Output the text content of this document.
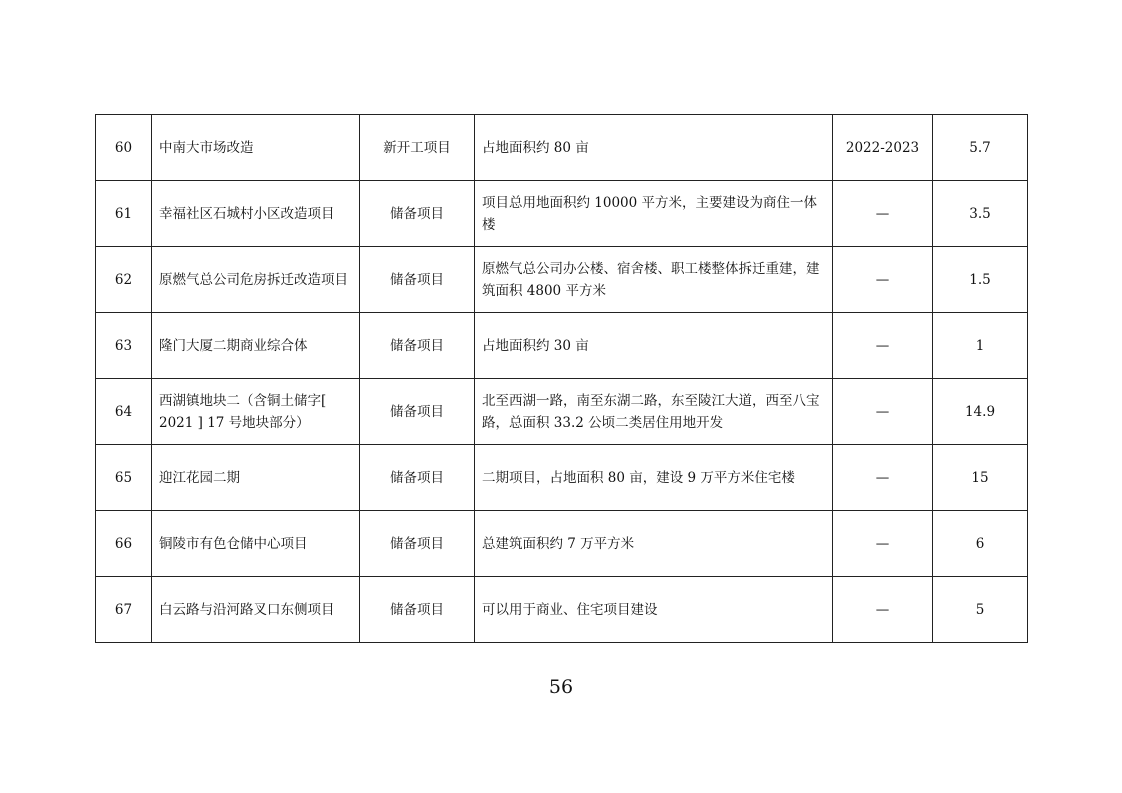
60	中南大市场改造	新开工项目	占地面积约 80 亩	2022-2023	5.7
61	幸福社区石城村小区改造项目	储备项目	项目总用地面积约 10000 平方米，主要建设为商住一体楼	—	3.5
62	原燃气总公司危房拆迁改造项目	储备项目	原燃气总公司办公楼、宿舍楼、职工楼整体拆迁重建，建筑面积 4800 平方米	—	1.5
63	隆门大厦二期商业综合体	储备项目	占地面积约 30 亩	—	1
64	西湖镇地块二（含铜土储字[ 2021 ] 17 号地块部分）	储备项目	北至西湖一路，南至东湖二路，东至陵江大道，西至八宝路，总面积 33.2 公顷二类居住用地开发	—	14.9
65	迎江花园二期	储备项目	二期项目，占地面积 80 亩，建设 9 万平方米住宅楼	—	15
66	铜陵市有色仓储中心项目	储备项目	总建筑面积约 7 万平方米	—	6
67	白云路与沿河路叉口东侧项目	储备项目	可以用于商业、住宅项目建设	—	5
56
